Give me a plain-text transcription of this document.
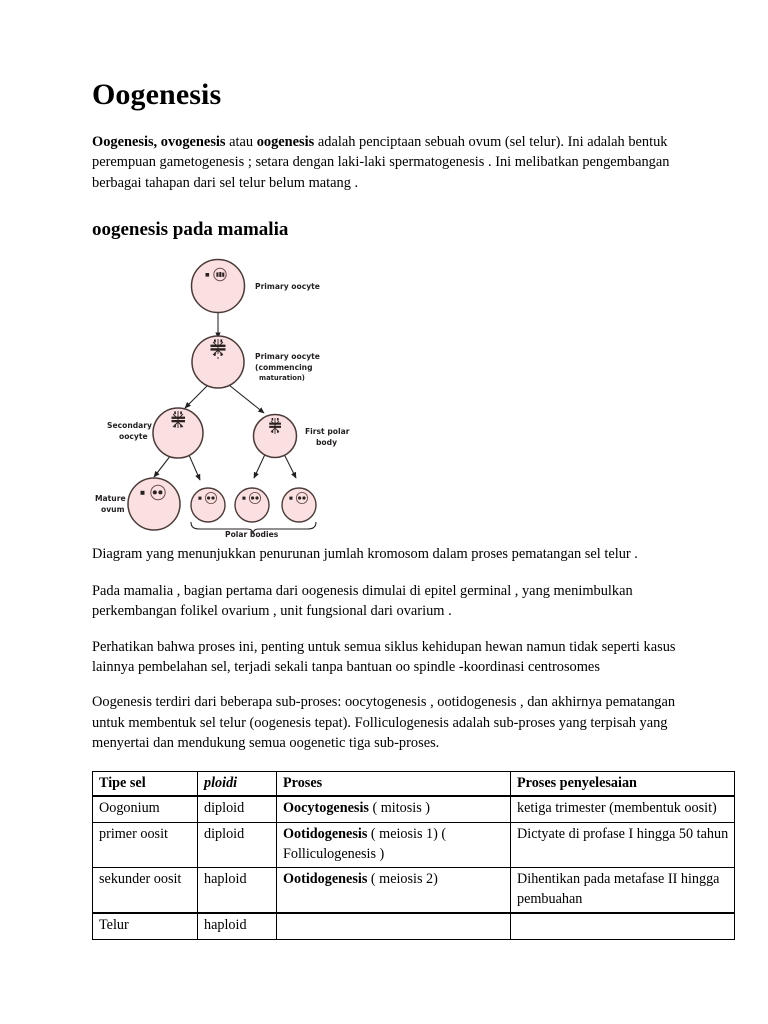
Oogenesis

Oogenesis, ovogenesis atau oogenesis adalah penciptaan sebuah ovum (sel telur). Ini adalah bentuk perempuan gametogenesis ; setara dengan laki-laki spermatogenesis . Ini melibatkan pengembangan berbagai tahapan dari sel telur belum matang .

oogenesis pada mamalia
Primary oocyte
Primary oocyte
(commencing
maturation)
Secondary
oocyte
First polar
body
Mature
ovum
Polar bodies

Diagram yang menunjukkan penurunan jumlah kromosom dalam proses pematangan sel telur .

Pada mamalia , bagian pertama dari oogenesis dimulai di epitel germinal , yang menimbulkan perkembangan folikel ovarium , unit fungsional dari ovarium .

Perhatikan bahwa proses ini, penting untuk semua siklus kehidupan hewan namun tidak seperti kasus lainnya pembelahan sel, terjadi sekali tanpa bantuan oo spindle -koordinasi centrosomes

Oogenesis terdiri dari beberapa sub-proses: oocytogenesis , ootidogenesis , dan akhirnya pematangan untuk membentuk sel telur (oogenesis tepat). Folliculogenesis adalah sub-proses yang terpisah yang menyertai dan mendukung semua oogenetic tiga sub-proses.

Tipe sel	ploidi	Proses	Proses penyelesaian
Oogonium	diploid	Oocytogenesis ( mitosis )	ketiga trimester (membentuk oosit)
primer oosit	diploid	Ootidogenesis ( meiosis 1) ( Folliculogenesis )	Dictyate di profase I hingga 50 tahun
sekunder oosit	haploid	Ootidogenesis ( meiosis 2)	Dihentikan pada metafase II hingga pembuahan
Telur	haploid		
